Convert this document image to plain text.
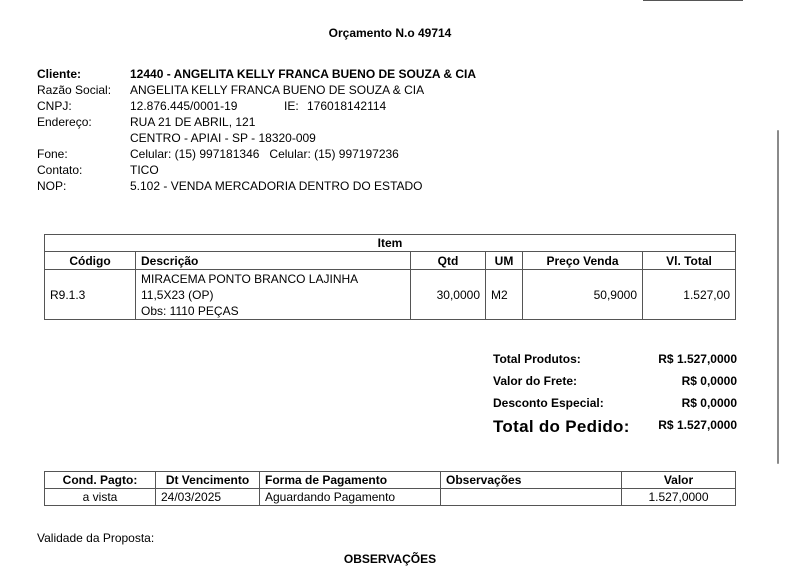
Orçamento N.o 49714
Cliente:	12440 - ANGELITA KELLY FRANCA BUENO DE SOUZA & CIA
Razão Social: ANGELITA KELLY FRANCA BUENO DE SOUZA & CIA
CNPJ:	12.876.445/0001-19	IE: 176018142114
Endereço:	RUA 21 DE ABRIL, 121
CENTRO - APIAI - SP - 18320-009
Fone:	Celular: (15) 997181346   Celular: (15) 997197236
Contato:	TICO
NOP:	5.102 - VENDA MERCADORIA DENTRO DO ESTADO
Item					
Código	Descrição	Qtd	UM	Preço Venda	Vl. Total
R9.1.3	MIRACEMA PONTO BRANCO LAJINHA
11,5X23 (OP)
Obs: 1110 PEÇAS	30,0000	M2	50,9000	1.527,00
Total Produtos:	R$ 1.527,0000
Valor do Frete:	R$ 0,0000
Desconto Especial:	R$ 0,0000
Total do Pedido: R$ 1.527,0000
Cond. Pagto:	Dt Vencimento	Forma de Pagamento	Observações	Valor
a vista	24/03/2025	Aguardando Pagamento		1.527,0000
Validade da Proposta:
OBSERVAÇÕES
